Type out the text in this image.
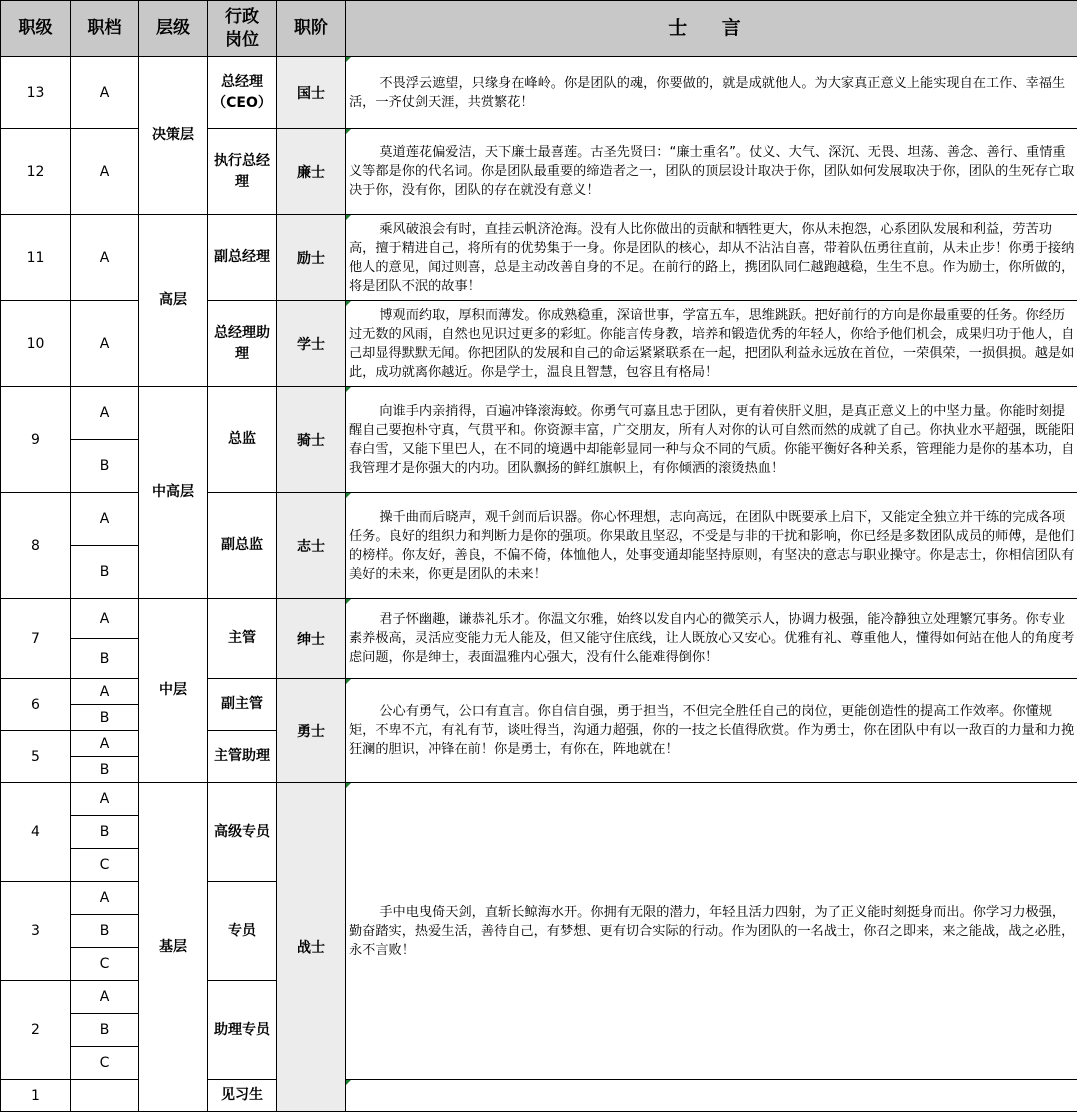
职级	职档	层级	行政岗位	职阶	士 言
13	A	决策层	总经理（CEO）	国士	不畏浮云遮望，只缘身在峰岭。你是团队的魂，你要做的，就是成就他人。为大家真正意义上能实现自在工作、幸福生活，一齐仗剑天涯，共赏繁花！

12	A		执行总经理	廉士	莫道莲花偏爱洁，天下廉士最喜莲。古圣先贤曰：“廉士重名”。仗义、大气、深沉、无畏、坦荡、善念、善行、重情重义等都是你的代名词。你是团队最重要的缔造者之一，团队的顶层设计取决于你，团队如何发展取决于你，团队的生死存亡取决于你，没有你，团队的存在就没有意义！

11	A	高层	副总经理	励士	乘风破浪会有时，直挂云帆济沧海。没有人比你做出的贡献和牺牲更大，你从未抱怨，心系团队发展和利益，劳苦功高，擅于精进自己，将所有的优势集于一身。你是团队的核心，却从不沾沾自喜，带着队伍勇往直前，从未止步！你勇于接纳他人的意见，闻过则喜，总是主动改善自身的不足。在前行的路上，携团队同仁越跑越稳，生生不息。作为励士，你所做的，将是团队不泯的故事！

10	A		总经理助理	学士	博观而约取，厚积而薄发。你成熟稳重，深谙世事，学富五车，思维跳跃。把好前行的方向是你最重要的任务。你经历过无数的风雨，自然也见识过更多的彩虹。你能言传身教，培养和锻造优秀的年轻人，你给予他们机会，成果归功于他人，自己却显得默默无闻。你把团队的发展和自己的命运紧紧联系在一起，把团队利益永远放在首位，一荣俱荣，一损俱损。越是如此，成功就离你越近。你是学士，温良且智慧，包容且有格局！

9	A	中高层	总监	骑士	向谁手内亲捎得，百遍冲锋滚海蛟。你勇气可嘉且忠于团队，更有着侠肝义胆，是真正意义上的中坚力量。你能时刻提醒自己要抱朴守真，气贯平和。你资源丰富，广交朋友，所有人对你的认可自然而然的成就了自己。你执业水平超强，既能阳春白雪，又能下里巴人，在不同的境遇中却能彰显同一种与众不同的气质。你能平衡好各种关系，管理能力是你的基本功，自我管理才是你强大的内功。团队飘扬的鲜红旗帜上，有你倾洒的滚烫热血！

	B				
8	A		副总监	志士	操千曲而后晓声，观千剑而后识器。你心怀理想，志向高远，在团队中既要承上启下，又能定全独立并干练的完成各项任务。良好的组织力和判断力是你的强项。你果敢且坚忍，不受是与非的干扰和影响，你已经是多数团队成员的师傅，是他们的榜样。你友好，善良，不偏不倚，体恤他人，处事变通却能坚持原则，有坚决的意志与职业操守。你是志士，你相信团队有美好的未来，你更是团队的未来！

	B				
7	A	中层	主管	绅士	君子怀幽趣，谦恭礼乐才。你温文尔雅，始终以发自内心的微笑示人，协调力极强，能冷静独立处理繁冗事务。你专业素养极高，灵活应变能力无人能及，但又能守住底线，让人既放心又安心。优雅有礼、尊重他人，懂得如何站在他人的角度考虑问题，你是绅士，表面温雅内心强大，没有什么能难得倒你！

	B				
6	A		副主管	勇士	公心有勇气，公口有直言。你自信自强，勇于担当，不但完全胜任自己的岗位，更能创造性的提高工作效率。你懂规矩，不卑不亢，有礼有节，谈吐得当，沟通力超强，你的一技之长值得欣赏。作为勇士，你在团队中有以一敌百的力量和力挽狂澜的胆识，冲锋在前！你是勇士，有你在，阵地就在！

	B				
5	A		主管助理		
	B				
4	A	基层	高级专员	战士	手中电曳倚天剑，直斩长鲸海水开。你拥有无限的潜力，年轻且活力四射，为了正义能时刻挺身而出。你学习力极强，勤奋踏实，热爱生活，善待自己，有梦想、更有切合实际的行动。作为团队的一名战士，你召之即来，来之能战，战之必胜，永不言败！

	B				
	C				
3	A		专员		
	B				
	C				
2	A		助理专员		
	B				
	C				
1			见习生		
